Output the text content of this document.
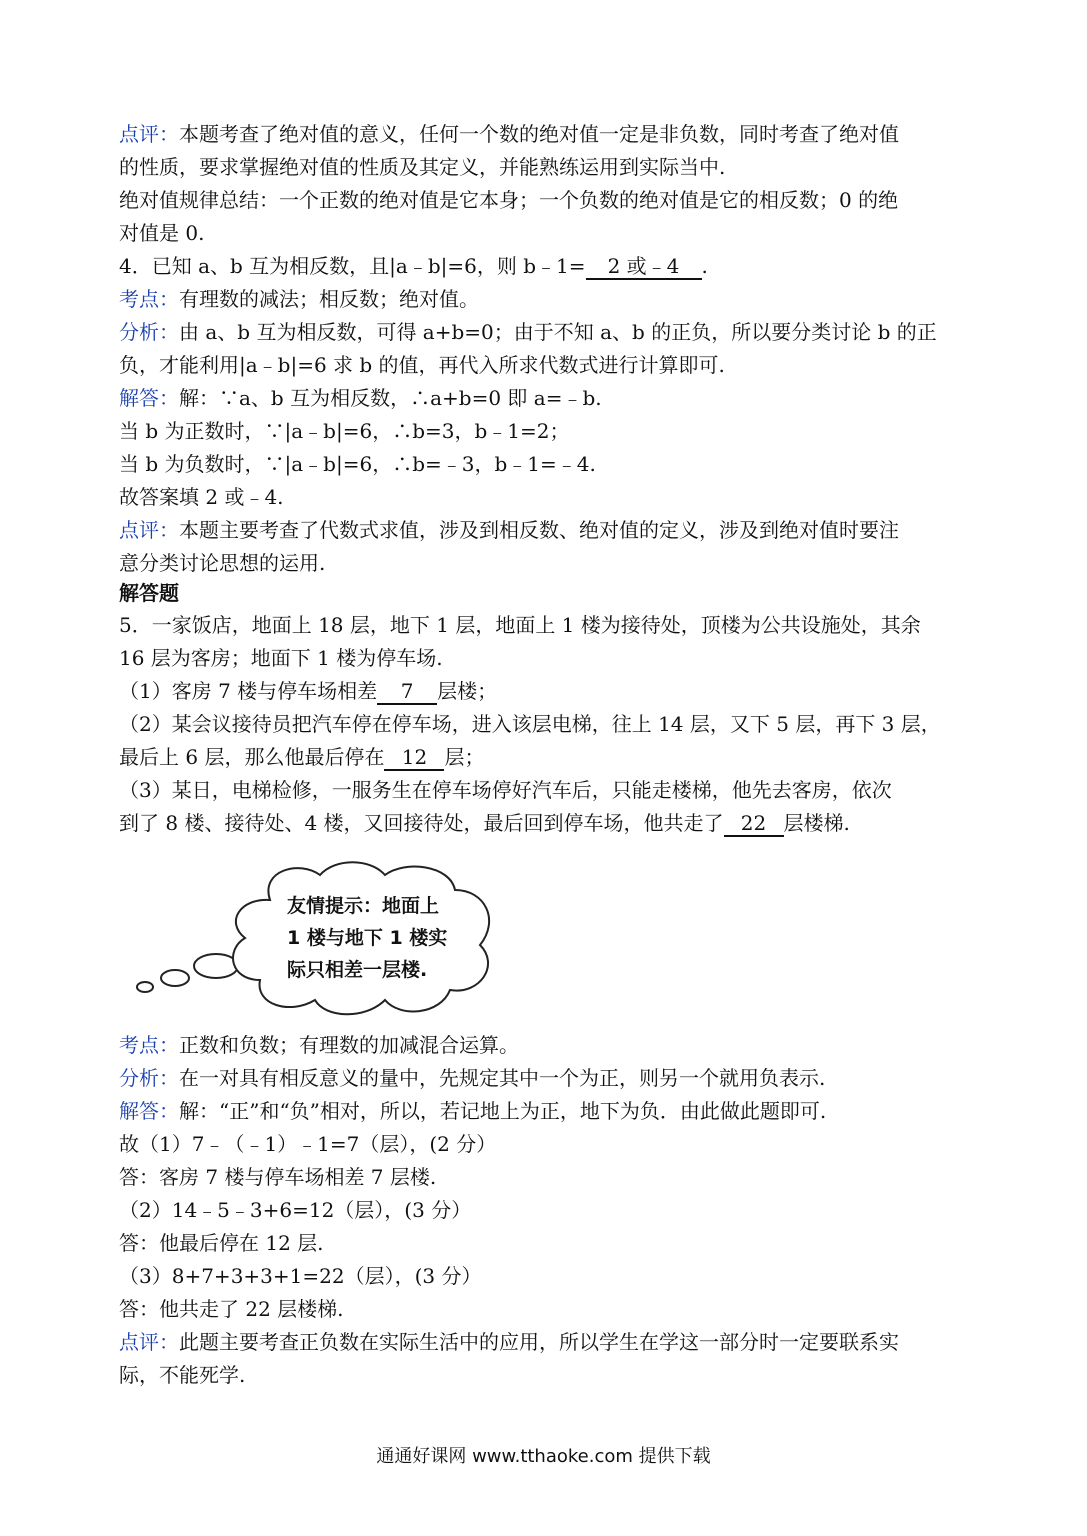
点评：本题考查了绝对值的意义，任何一个数的绝对值一定是非负数，同时考查了绝对值
的性质，要求掌握绝对值的性质及其定义，并能熟练运用到实际当中.
绝对值规律总结：一个正数的绝对值是它本身；一个负数的绝对值是它的相反数；0 的绝
对值是 0.
4．已知 a、b 互为相反数，且|a﹣b|=6，则 b﹣1= 2 或﹣4 .
考点：有理数的减法；相反数；绝对值。
分析：由 a、b 互为相反数，可得 a+b=0；由于不知 a、b 的正负，所以要分类讨论 b 的正
负，才能利用|a﹣b|=6 求 b 的值，再代入所求代数式进行计算即可.
解答：解：∵a、b 互为相反数，∴a+b=0 即 a=﹣b.
当 b 为正数时，∵|a﹣b|=6，∴b=3，b﹣1=2；
当 b 为负数时，∵|a﹣b|=6，∴b=﹣3，b﹣1=﹣4.
故答案填 2 或﹣4.
点评：本题主要考查了代数式求值，涉及到相反数、绝对值的定义，涉及到绝对值时要注
意分类讨论思想的运用.
解答题
5．一家饭店，地面上 18 层，地下 1 层，地面上 1 楼为接待处，顶楼为公共设施处，其余
16 层为客房；地面下 1 楼为停车场.
（1）客房 7 楼与停车场相差 7 层楼；
（2）某会议接待员把汽车停在停车场，进入该层电梯，往上 14 层，又下 5 层，再下 3 层，
最后上 6 层，那么他最后停在 12 层；
（3）某日，电梯检修，一服务生在停车场停好汽车后，只能走楼梯，他先去客房，依次
到了 8 楼、接待处、4 楼，又回接待处，最后回到停车场，他共走了 22 层楼梯.
友情提示：地面上
1 楼与地下 1 楼实
际只相差一层楼.
考点：正数和负数；有理数的加减混合运算。
分析：在一对具有相反意义的量中，先规定其中一个为正，则另一个就用负表示.
解答：解：“正”和“负”相对，所以，若记地上为正，地下为负．由此做此题即可.
故（1）7﹣（﹣1）﹣1=7（层），(2 分）
答：客房 7 楼与停车场相差 7 层楼.
（2）14﹣5﹣3+6=12（层），(3 分）
答：他最后停在 12 层.
（3）8+7+3+3+1=22（层），(3 分）
答：他共走了 22 层楼梯.
点评：此题主要考查正负数在实际生活中的应用，所以学生在学这一部分时一定要联系实
际，不能死学.
通通好课网 www.tthaoke.com 提供下载
